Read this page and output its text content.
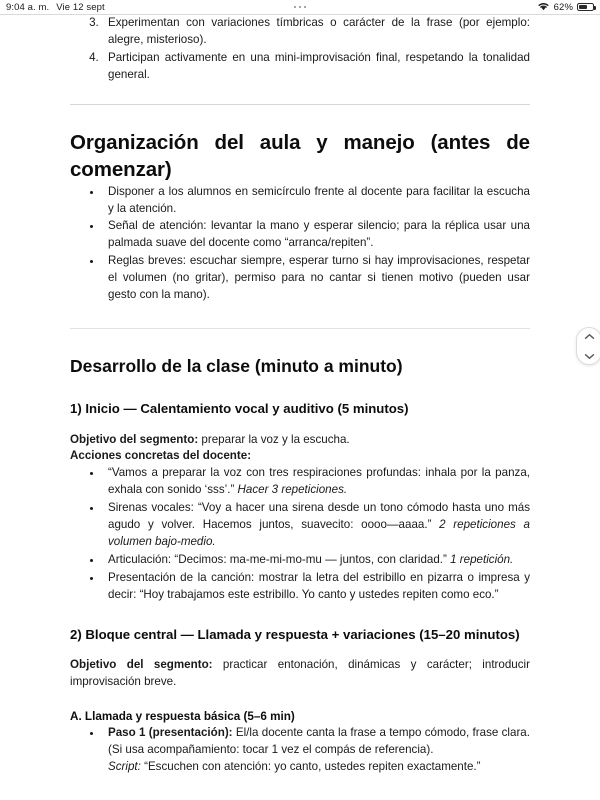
9:04 a. m. Vie 12 sept	62%
3. Experimentan con variaciones tímbricas o carácter de la frase (por ejemplo: alegre, misterioso).
4. Participan activamente en una mini-improvisación final, respetando la tonalidad general.
Organización del aula y manejo (antes de comenzar)
• Disponer a los alumnos en semicírculo frente al docente para facilitar la escucha y la atención.
• Señal de atención: levantar la mano y esperar silencio; para la réplica usar una palmada suave del docente como “arranca/repiten”.
• Reglas breves: escuchar siempre, esperar turno si hay improvisaciones, respetar el volumen (no gritar), permiso para no cantar si tienen motivo (pueden usar gesto con la mano).
Desarrollo de la clase (minuto a minuto)
1) Inicio — Calentamiento vocal y auditivo (5 minutos)

Objetivo del segmento: preparar la voz y la escucha.

Acciones concretas del docente:

• “Vamos a preparar la voz con tres respiraciones profundas: inhala por la panza, exhala con sonido ‘sss’.” Hacer 3 repeticiones.
• Sirenas vocales: “Voy a hacer una sirena desde un tono cómodo hasta uno más agudo y volver. Hacemos juntos, suavecito: oooo—aaaa.” 2 repeticiones a volumen bajo-medio.
• Articulación: “Decimos: ma-me-mi-mo-mu — juntos, con claridad.” 1 repetición.
• Presentación de la canción: mostrar la letra del estribillo en pizarra o impresa y decir: “Hoy trabajamos este estribillo. Yo canto y ustedes repiten como eco.”
2) Bloque central — Llamada y respuesta + variaciones (15–20 minutos)

Objetivo del segmento: practicar entonación, dinámicas y carácter; introducir improvisación breve.

A. Llamada y respuesta básica (5–6 min)
• Paso 1 (presentación): El/la docente canta la frase a tempo cómodo, frase clara. (Si usa acompañamiento: tocar 1 vez el compás de referencia).
Script: “Escuchen con atención: yo canto, ustedes repiten exactamente.”
